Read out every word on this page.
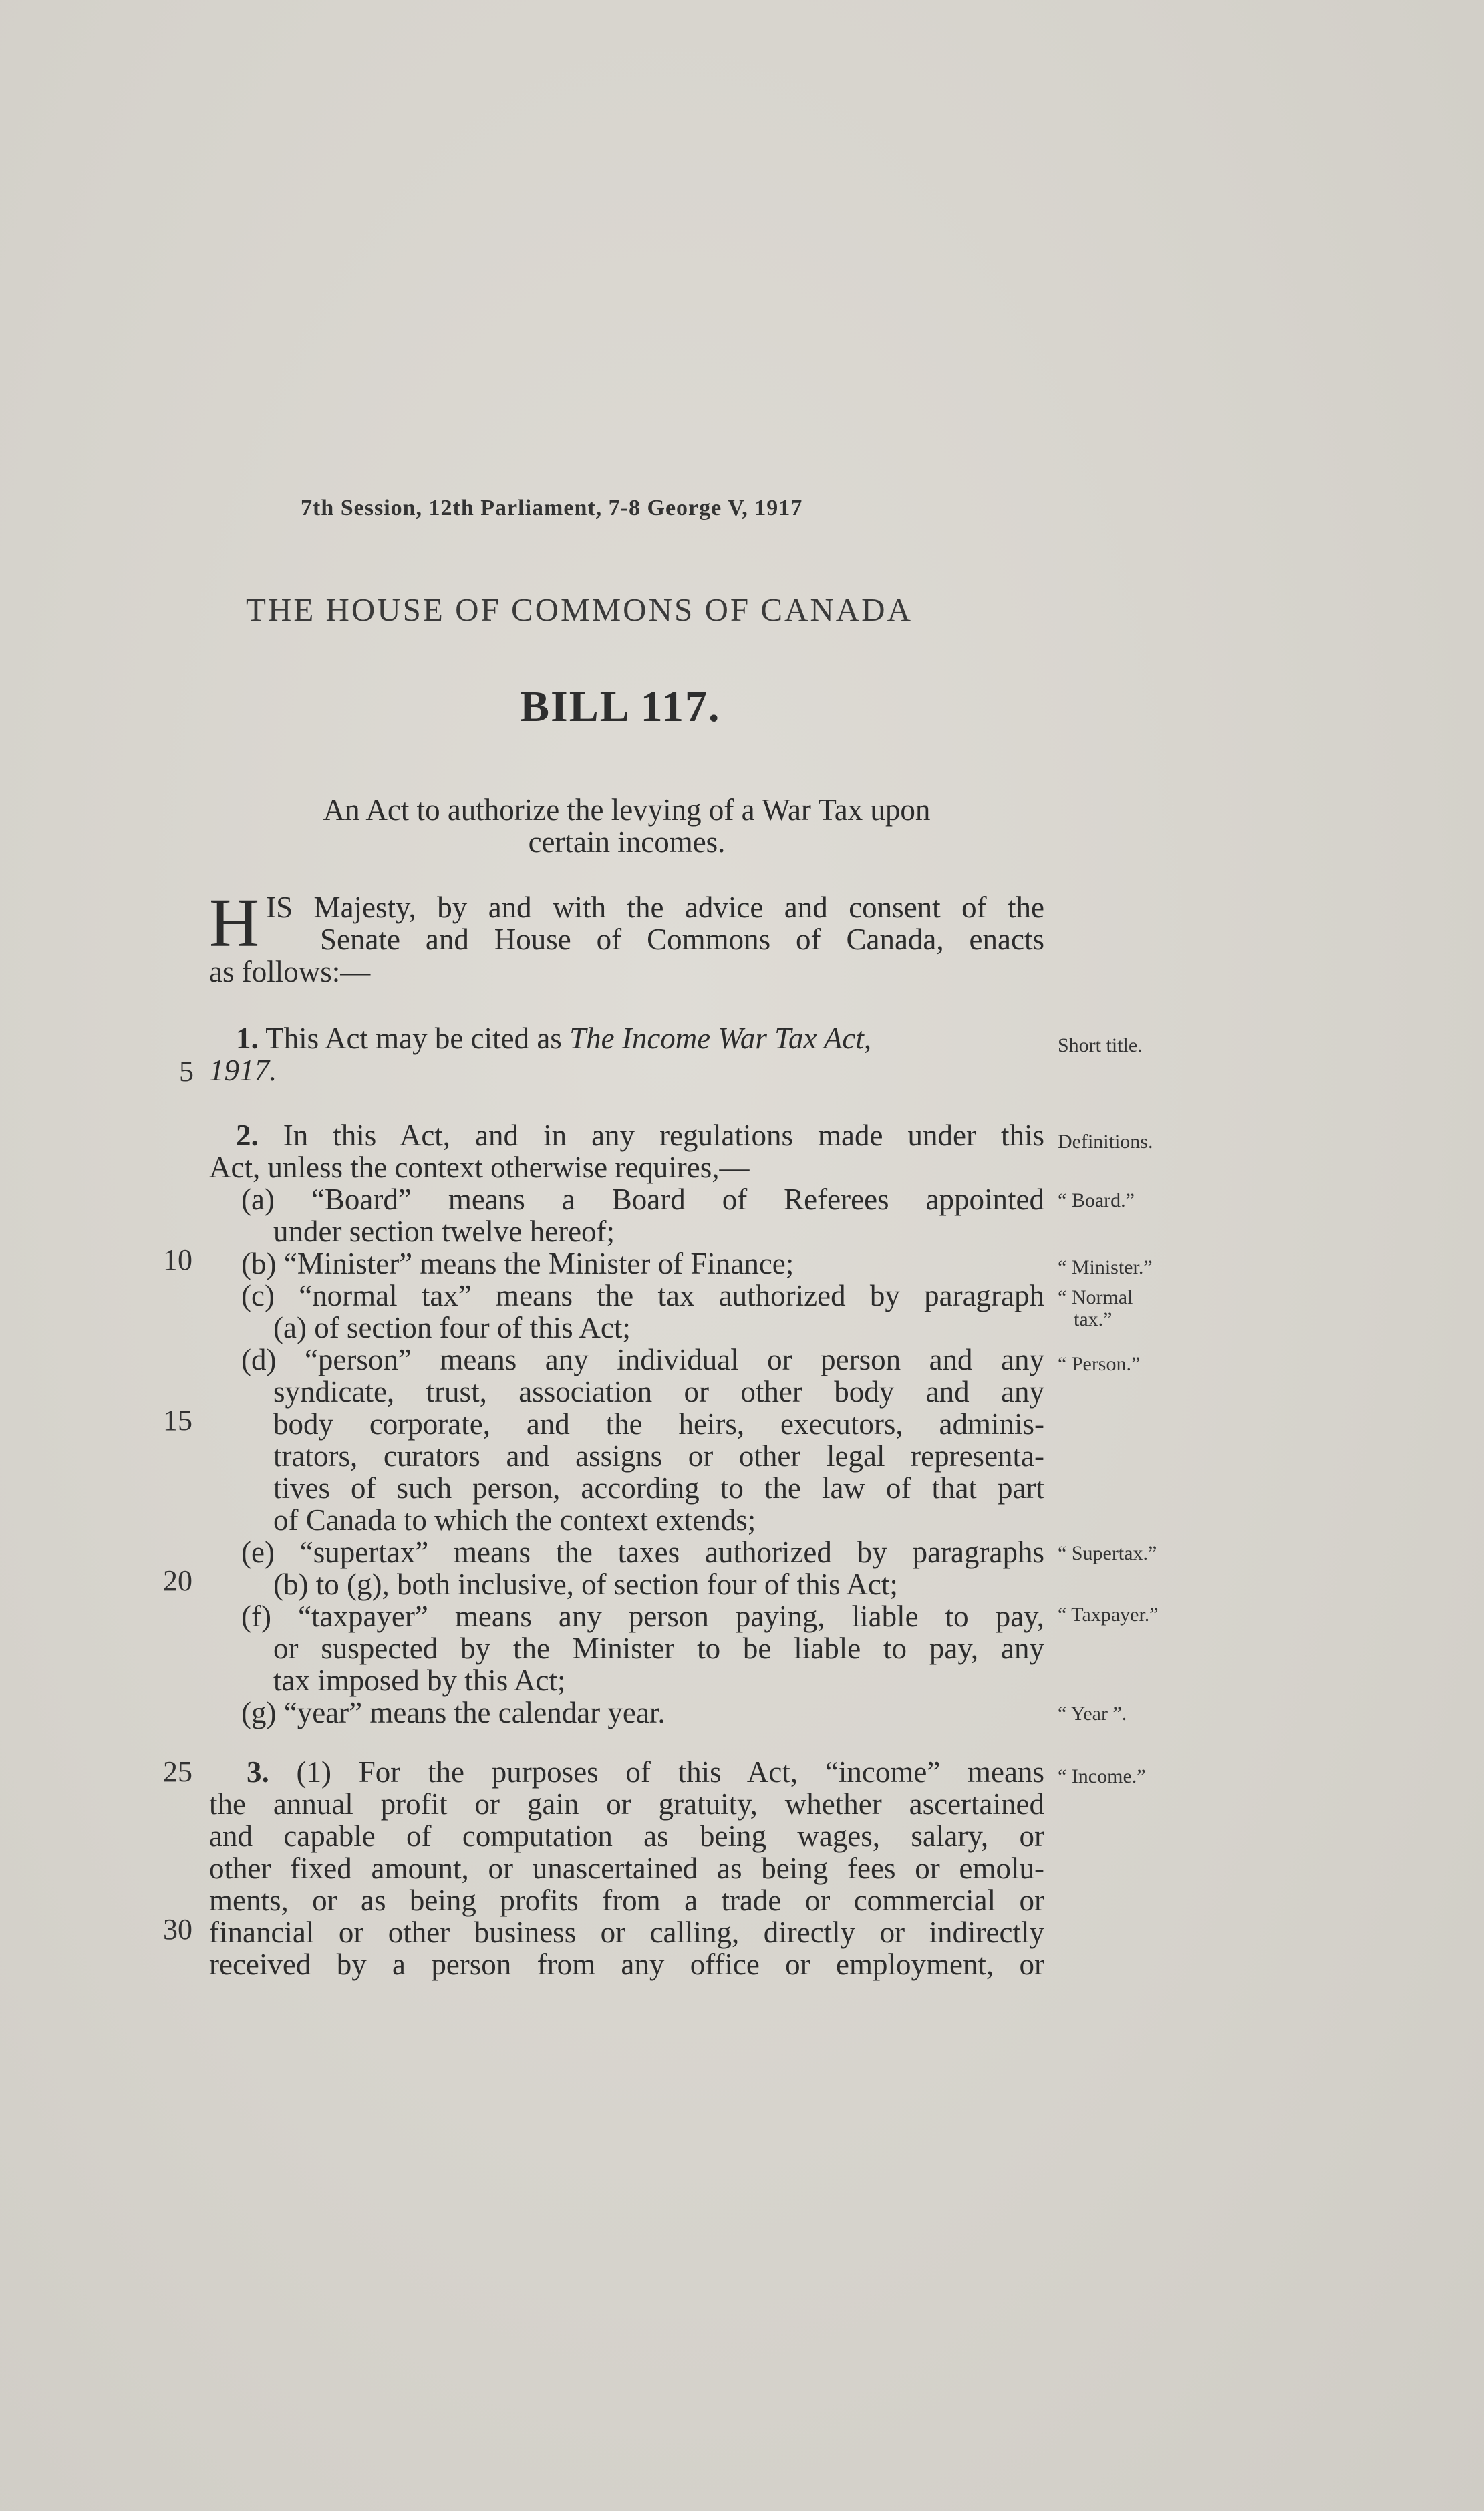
7th Session, 12th Parliament, 7-8 George V, 1917
THE HOUSE OF COMMONS OF CANADA
BILL 117.
An Act to authorize the levying of a War Tax upon
certain incomes.
H IS Majesty, by and with the advice and consent of the
Senate and House of Commons of Canada, enacts
as follows:—
1. This Act may be cited as The Income War Tax Act,
1917.
2. In this Act, and in any regulations made under this
Act, unless the context otherwise requires,—
(a) “Board” means a Board of Referees appointed
under section twelve hereof;
(b) “Minister” means the Minister of Finance;
(c) “normal tax” means the tax authorized by paragraph
(a) of section four of this Act;
(d) “person” means any individual or person and any
syndicate, trust, association or other body and any
body corporate, and the heirs, executors, adminis-
trators, curators and assigns or other legal representa-
tives of such person, according to the law of that part
of Canada to which the context extends;
(e) “supertax” means the taxes authorized by paragraphs
(b) to (g), both inclusive, of section four of this Act;
(f) “taxpayer” means any person paying, liable to pay,
or suspected by the Minister to be liable to pay, any
tax imposed by this Act;
(g) “year” means the calendar year.
3. (1) For the purposes of this Act, “income” means
the annual profit or gain or gratuity, whether ascertained
and capable of computation as being wages, salary, or
other fixed amount, or unascertained as being fees or emolu-
ments, or as being profits from a trade or commercial or
financial or other business or calling, directly or indirectly
received by a person from any office or employment, or
Short title.
Definitions.
“ Board.”
“ Minister.”
“ Normal
tax.”
“ Person.”
“ Supertax.”
“ Taxpayer.”
“ Year ”.
“ Income.”
5
10
15
20
25
30
